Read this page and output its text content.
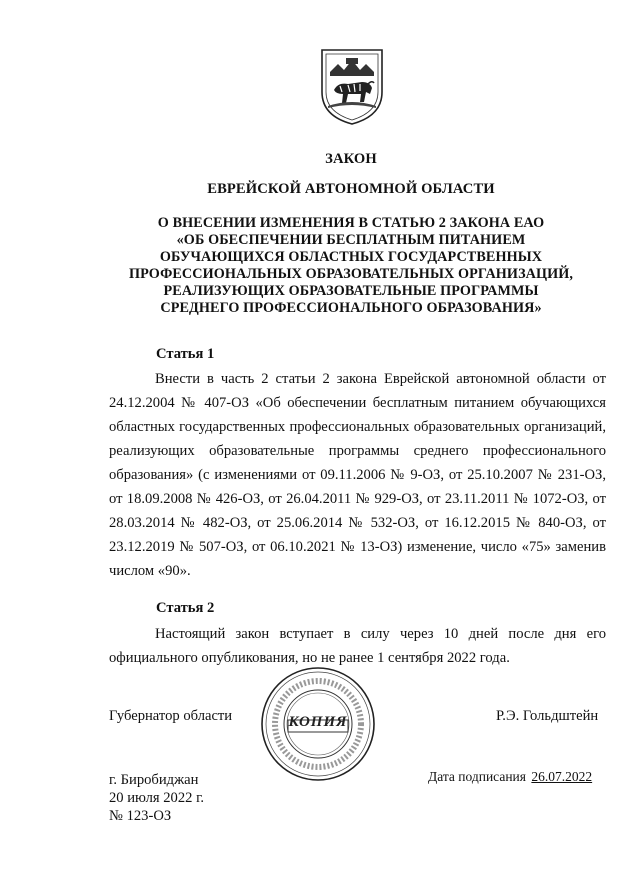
ЗАКОН
ЕВРЕЙСКОЙ АВТОНОМНОЙ ОБЛАСТИ
О ВНЕСЕНИИ ИЗМЕНЕНИЯ В СТАТЬЮ 2 ЗАКОНА ЕАО
«ОБ ОБЕСПЕЧЕНИИ БЕСПЛАТНЫМ ПИТАНИЕМ
ОБУЧАЮЩИХСЯ ОБЛАСТНЫХ ГОСУДАРСТВЕННЫХ
ПРОФЕССИОНАЛЬНЫХ ОБРАЗОВАТЕЛЬНЫХ ОРГАНИЗАЦИЙ,
РЕАЛИЗУЮЩИХ ОБРАЗОВАТЕЛЬНЫЕ ПРОГРАММЫ
СРЕДНЕГО ПРОФЕССИОНАЛЬНОГО ОБРАЗОВАНИЯ»
Статья 1
Внести в часть 2 статьи 2 закона Еврейской автономной области от 24.12.2004 № 407-ОЗ «Об обеспечении бесплатным питанием обучающихся областных государственных профессиональных образовательных организаций, реализующих образовательные программы среднего профессионального образования» (с изменениями от 09.11.2006 № 9-ОЗ, от 25.10.2007 № 231-ОЗ, от 18.09.2008 № 426-ОЗ, от 26.04.2011 № 929-ОЗ, от 23.11.2011 № 1072-ОЗ, от 28.03.2014 № 482-ОЗ, от 25.06.2014 № 532-ОЗ, от 16.12.2015 № 840-ОЗ, от 23.12.2019 № 507-ОЗ, от 06.10.2021 № 13-ОЗ) изменение, число «75» заменив числом «90».
Статья 2
Настоящий закон вступает в силу через 10 дней после дня его официального опубликования, но не ранее 1 сентября 2022 года.
КОПИЯ
Губернатор области	Р.Э. Гольдштейн
г. Биробиджан
20 июля 2022 г.
№ 123-ОЗ
Дата подписания 26.07.2022
